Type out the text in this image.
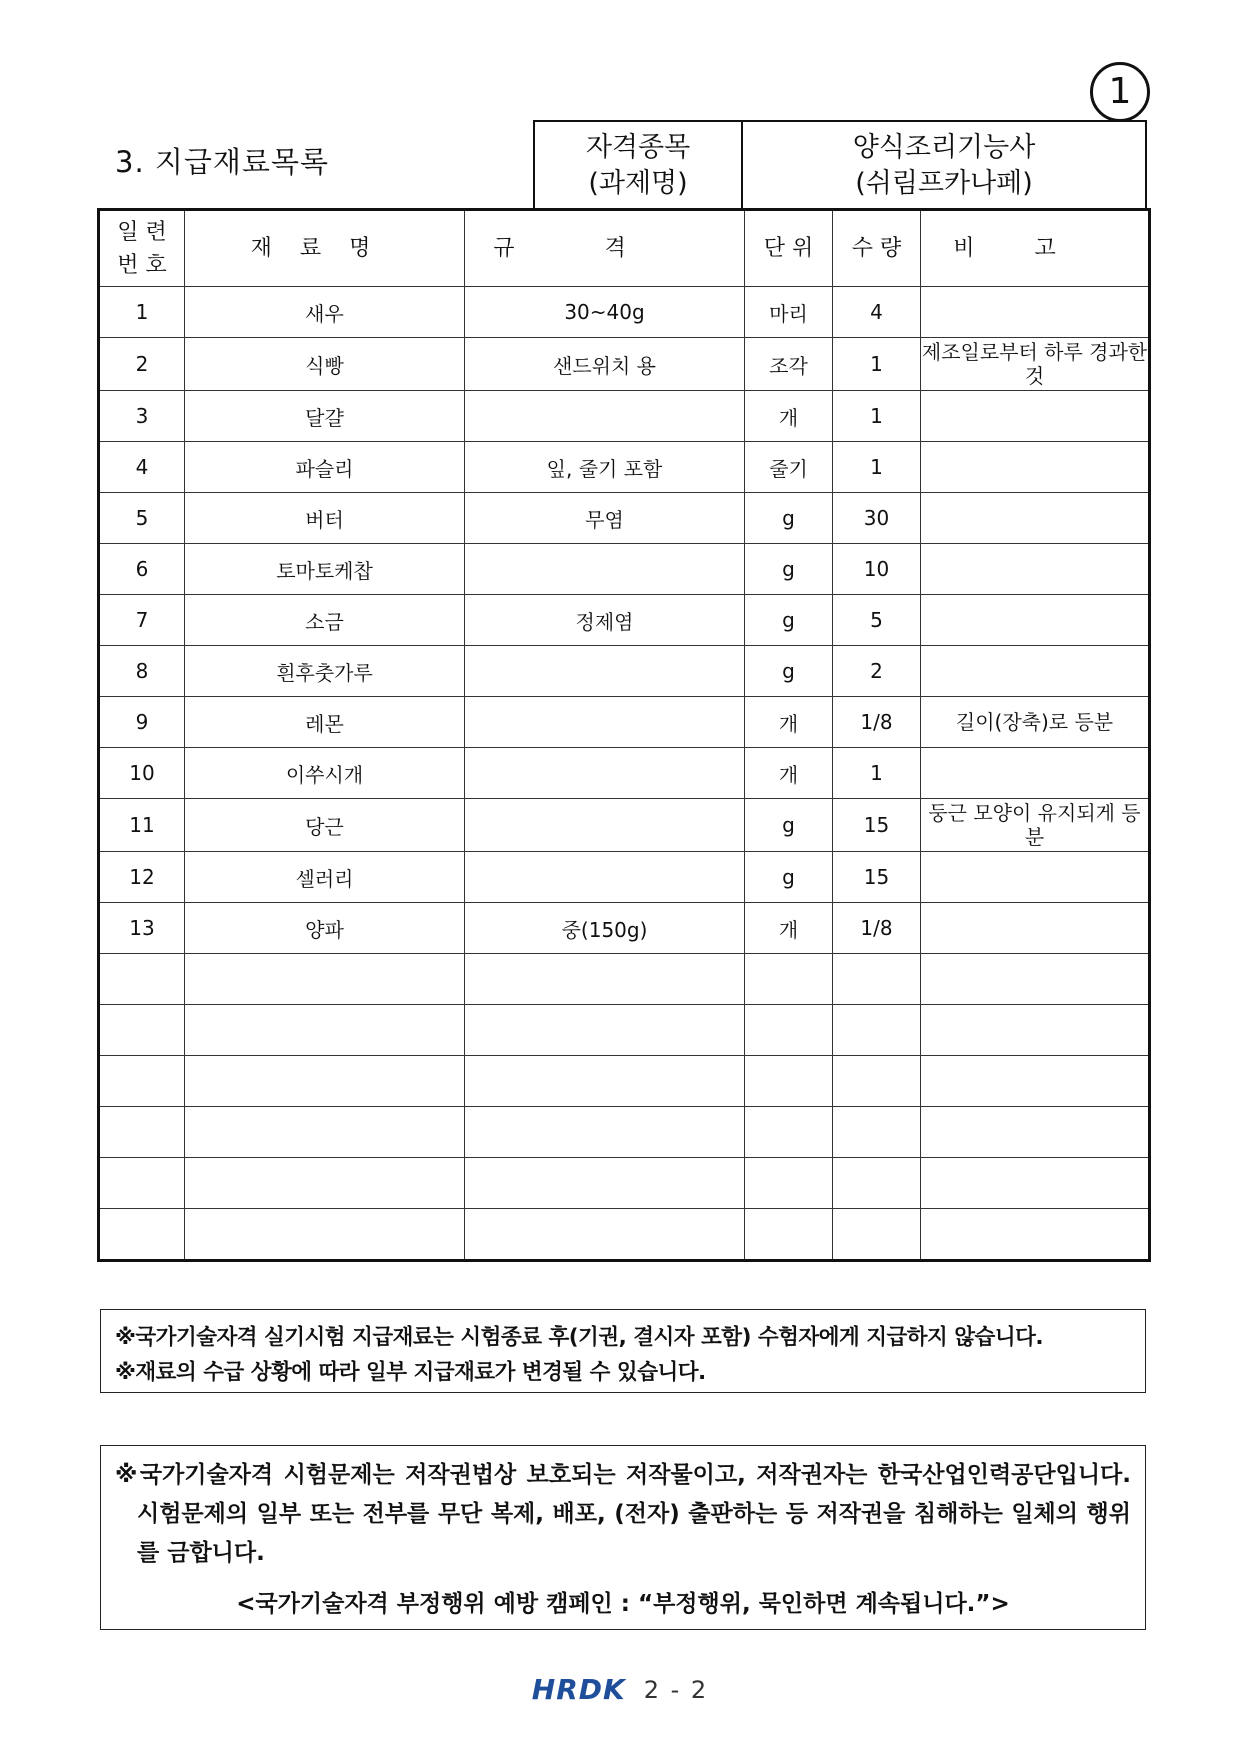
1
3. 지급재료목록	자격종목
(과제명)
양식조리기능사
(쉬림프카나페)
일 련
번 호	재료명	규격	단 위	수 량	비고
1	새우	30~40g	마리	4	
2	식빵	샌드위치 용	조각	1	제조일로부터 하루 경과한 것
3	달걀		개	1	
4	파슬리	잎, 줄기 포함	줄기	1	
5	버터	무염	g	30	
6	토마토케찹		g	10	
7	소금	정제염	g	5	
8	흰후춧가루		g	2	
9	레몬		개	1/8	길이(장축)로 등분
10	이쑤시개		개	1	
11	당근		g	15	둥근 모양이 유지되게 등분
12	셀러리		g	15	
13	양파	중(150g)	개	1/8	

※국가기술자격 실기시험 지급재료는 시험종료 후(기권, 결시자 포함) 수험자에게 지급하지 않습니다.
※재료의 수급 상황에 따라 일부 지급재료가 변경될 수 있습니다.
※국가기술자격 시험문제는 저작권법상 보호되는 저작물이고, 저작권자는 한국산업인력공단입니다. 시험문제의 일부 또는 전부를 무단 복제, 배포, (전자) 출판하는 등 저작권을 침해하는 일체의 행위를 금합니다.
<국가기술자격 부정행위 예방 캠페인 : “부정행위, 묵인하면 계속됩니다.”>
HRDK 2 - 2
